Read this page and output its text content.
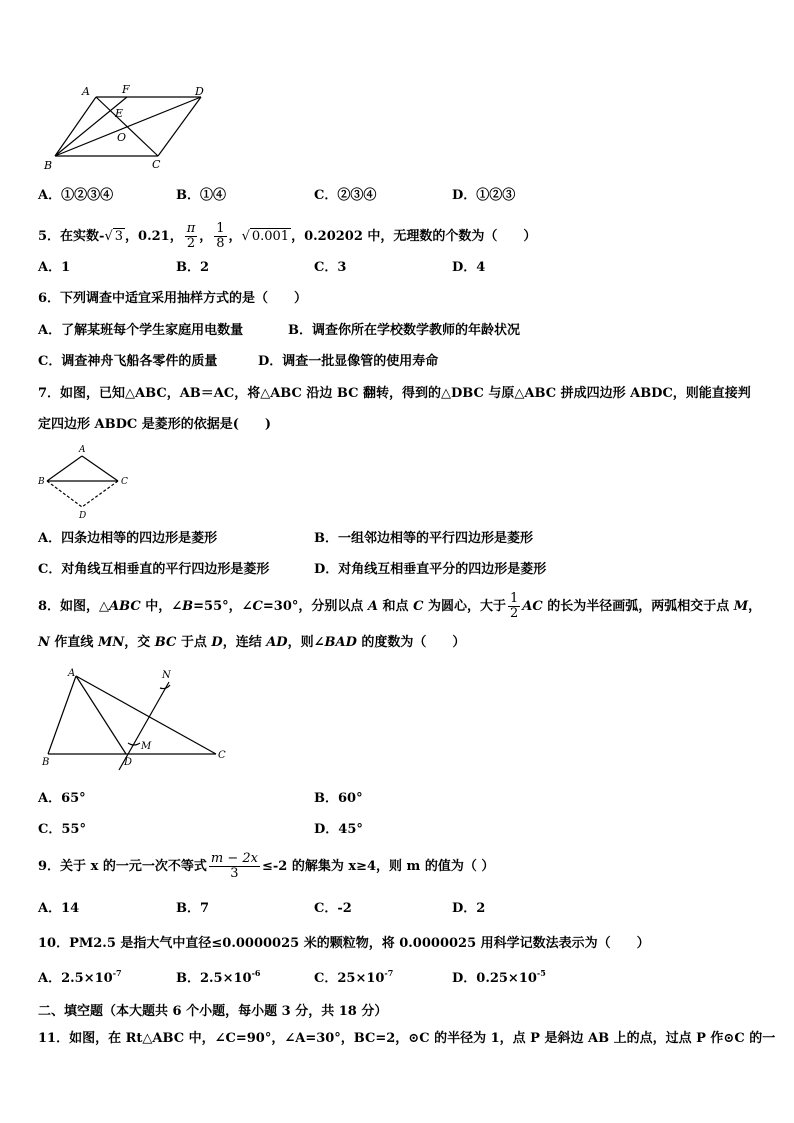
A	F	D
E
O
B	C
A．①②③④	B．①④	C．②③④	D．①②③
5．在实数-√ 3 ，0.21， $\frac{\pi}{2}$ ， $\frac{1}{8}$ ，√ 0.001 ，0.20202 中，无理数的个数为（　　）
A．1	B．2	C．3	D．4
6．下列调查中适宜采用抽样方式的是（　　）
A．了解某班每个学生家庭用电数量	B．调查你所在学校数学教师的年龄状况
C．调查神舟飞船各零件的质量	D．调查一批显像管的使用寿命
7．如图，已知△ABC，AB＝AC，将△ABC 沿边 BC 翻转，得到的△DBC 与原△ABC 拼成四边形 ABDC，则能直接判
定四边形 ABDC 是菱形的依据是(　　)
A
B	C
D
A．四条边相等的四边形是菱形	B．一组邻边相等的平行四边形是菱形
C．对角线互相垂直的平行四边形是菱形	D．对角线互相垂直平分的四边形是菱形
8．如图，△ABC 中，∠B=55°，∠C=30°，分别以点 A 和点 C 为圆心，大于 $\frac{1}{2}$ AC 的长为半径画弧，两弧相交于点 M，
N 作直线 MN，交 BC 于点 D，连结 AD，则∠BAD 的度数为（　　）
A	N
M
B	D
C
A．65°	B．60°
C．55°	D．45°
9．关于 x 的一元一次不等式 $\frac{m - 2x}{3} \le-2$ 的解集为 x≥4，则 m 的值为（ ）
A．14	B．7	C．-2	D．2
10．PM2.5 是指大气中直径≤0.0000025 米的颗粒物，将 0.0000025 用科学记数法表示为（　　）
A．$2.5\times 10^{-7}$	B．$2.5\times 10^{-6}$	C．$25\times 10^{-7}$	D．$0.25\times 10^{-5}$
二、填空题（本大题共 6 个小题，每小题 3 分，共 18 分）
11．如图，在 Rt△ABC 中，∠C=90°，∠A=30°，BC=2，⊙C 的半径为 1，点 P 是斜边 AB 上的点，过点 P 作⊙C 的一
